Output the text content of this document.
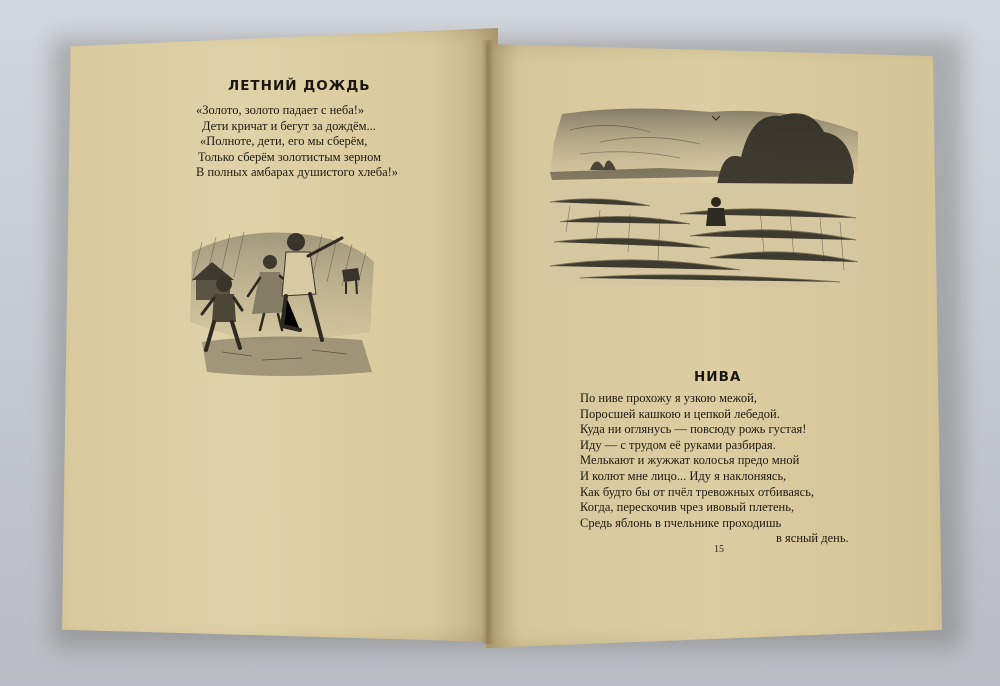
ЛЕТНИЙ ДОЖДЬ
«Золото, золото падает с неба!»
Дети кричат и бегут за дождём...
«Полноте, дети, его мы сберём,
Только сберём золотистым зерном
В полных амбарах душистого хлеба!»
НИВА
По ниве прохожу я узкою межой,
Поросшей кашкою и цепкой лебедой.
Куда ни оглянусь — повсюду рожь густая!
Иду — с трудом её руками разбирая.
Мелькают и жужжат колосья предо мной
И колют мне лицо... Иду я наклоняясь,
Как будто бы от пчёл тревожных отбиваясь,
Когда, перескочив чрез ивовый плетень,
Средь яблонь в пчельнике проходишь
в ясный день.
15
